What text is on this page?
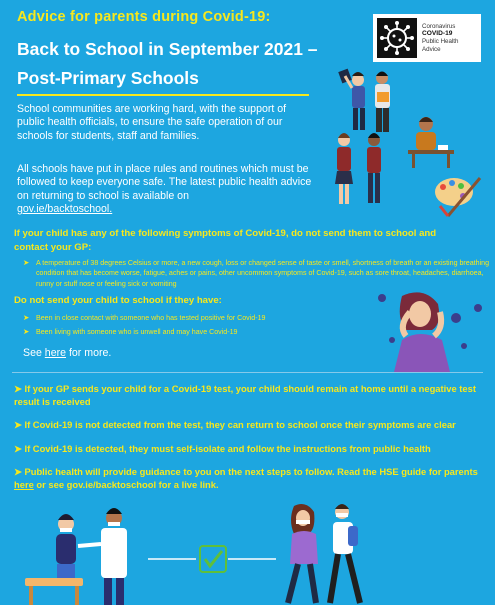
Advice for parents during Covid-19:
Back to School in September 2021 –
Post-Primary Schools
Coronavirus
COVID-19
Public Health
Advice
School communities are working hard, with the support of public health officials, to ensure the safe operation of our schools for students, staff and families.
All schools have put in place rules and routines which must be followed to keep everyone safe. The latest public health advice on returning to school is available on
gov.ie/backtoschool.
If your child has any of the following symptoms of Covid-19, do not send them to school and contact your GP:
➤ A temperature of 38 degrees Celsius or more, a new cough, loss or changed sense of taste or smell, shortness of breath or an existing breathing condition that has become worse, fatigue, aches or pains, other uncommon symptoms of Covid-19, such as sore throat, headaches, diarrhoea, runny or stuff nose or feeling sick or vomiting
Do not send your child to school if they have:
➤ Been in close contact with someone who has tested positive for Covid-19
➤ Been living with someone who is unwell and may have Covid-19
See here for more.
➤ If your GP sends your child for a Covid-19 test, your child should remain at home until a negative test result is received
➤ If Covid-19 is not detected from the test, they can return to school once their symptoms are clear
➤ If Covid-19 is detected, they must self-isolate and follow the instructions from public health
➤ Public health will provide guidance to you on the next steps to follow. Read the HSE guide for parents here or see gov.ie/backtoschool for a live link.
